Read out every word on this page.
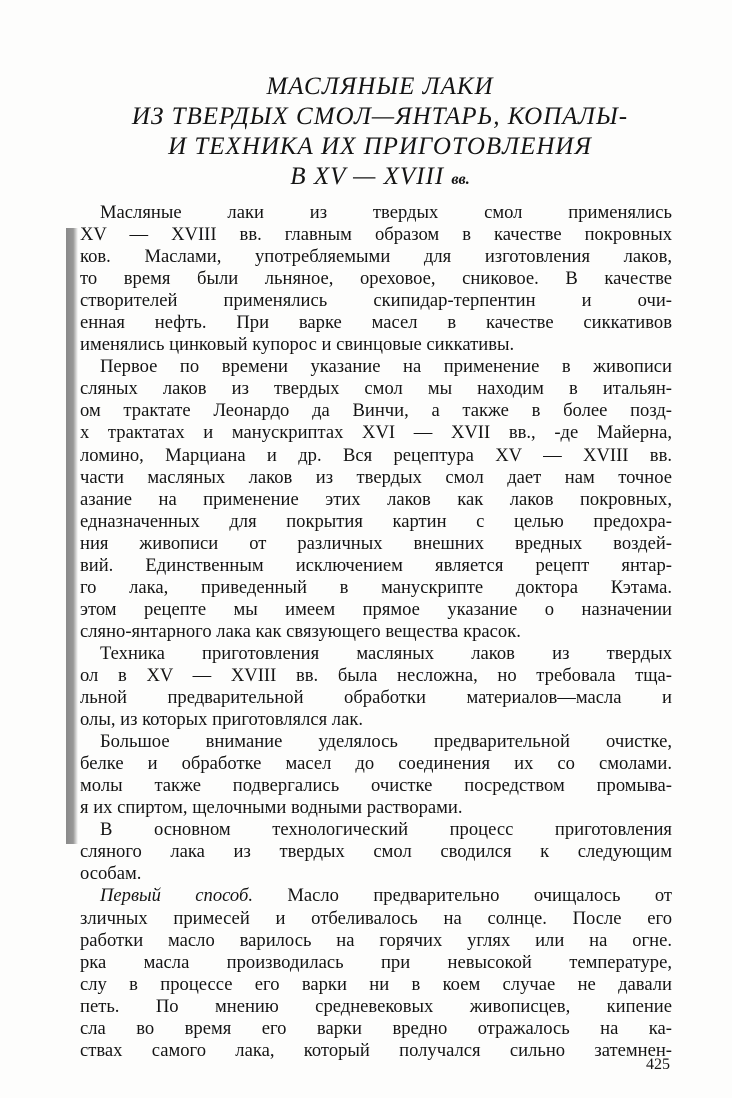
МАСЛЯНЫЕ ЛАКИ
ИЗ ТВЕРДЫХ СМОЛ—ЯНТАРЬ, КОПАЛЫ-
И ТЕХНИКА ИХ ПРИГОТОВЛЕНИЯ
В XV — XVIII вв.
Масляные лаки из твердых смол применялись
XV — XVIII вв. главным образом в качестве покровных
ков. Маслами, употребляемыми для изготовления лаков,
то время были льняное, ореховое, сниковое. В качестве
створителей применялись скипидар-терпентин и очи-
енная нефть. При варке масел в качестве сиккативов
именялись цинковый купорос и свинцовые сиккативы.
Первое по времени указание на применение в живописи
сляных лаков из твердых смол мы находим в итальян-
ом трактате Леонардо да Винчи, а также в более позд-
х трактатах и манускриптах XVI — XVII вв., -де Майерна,
ломино, Марциана и др. Вся рецептура XV — XVIII вв.
части масляных лаков из твердых смол дает нам точное
азание на применение этих лаков как лаков покровных,
едназначенных для покрытия картин с целью предохра-
ния живописи от различных внешних вредных воздей-
вий. Единственным исключением является рецепт янтар-
го лака, приведенный в манускрипте доктора Кэтама.
этом рецепте мы имеем прямое указание о назначении
сляно-янтарного лака как связующего вещества красок.
Техника приготовления масляных лаков из твердых
ол в XV — XVIII вв. была несложна, но требовала тща-
льной предварительной обработки материалов—масла и
олы, из которых приготовлялся лак.
Большое внимание уделялось предварительной очистке,
белке и обработке масел до соединения их со смолами.
молы также подвергались очистке посредством промыва-
я их спиртом, щелочными водными растворами.
В основном технологический процесс приготовления
сляного лака из твердых смол сводился к следующим
особам.
Первый способ. Масло предварительно очищалось от
зличных примесей и отбеливалось на солнце. После его
работки масло варилось на горячих углях или на огне.
рка масла производилась при невысокой температуре,
слу в процессе его варки ни в коем случае не давали
петь. По мнению средневековых живописцев, кипение
сла во время его варки вредно отражалось на ка-
ствах самого лака, который получался сильно затемнен-
425
